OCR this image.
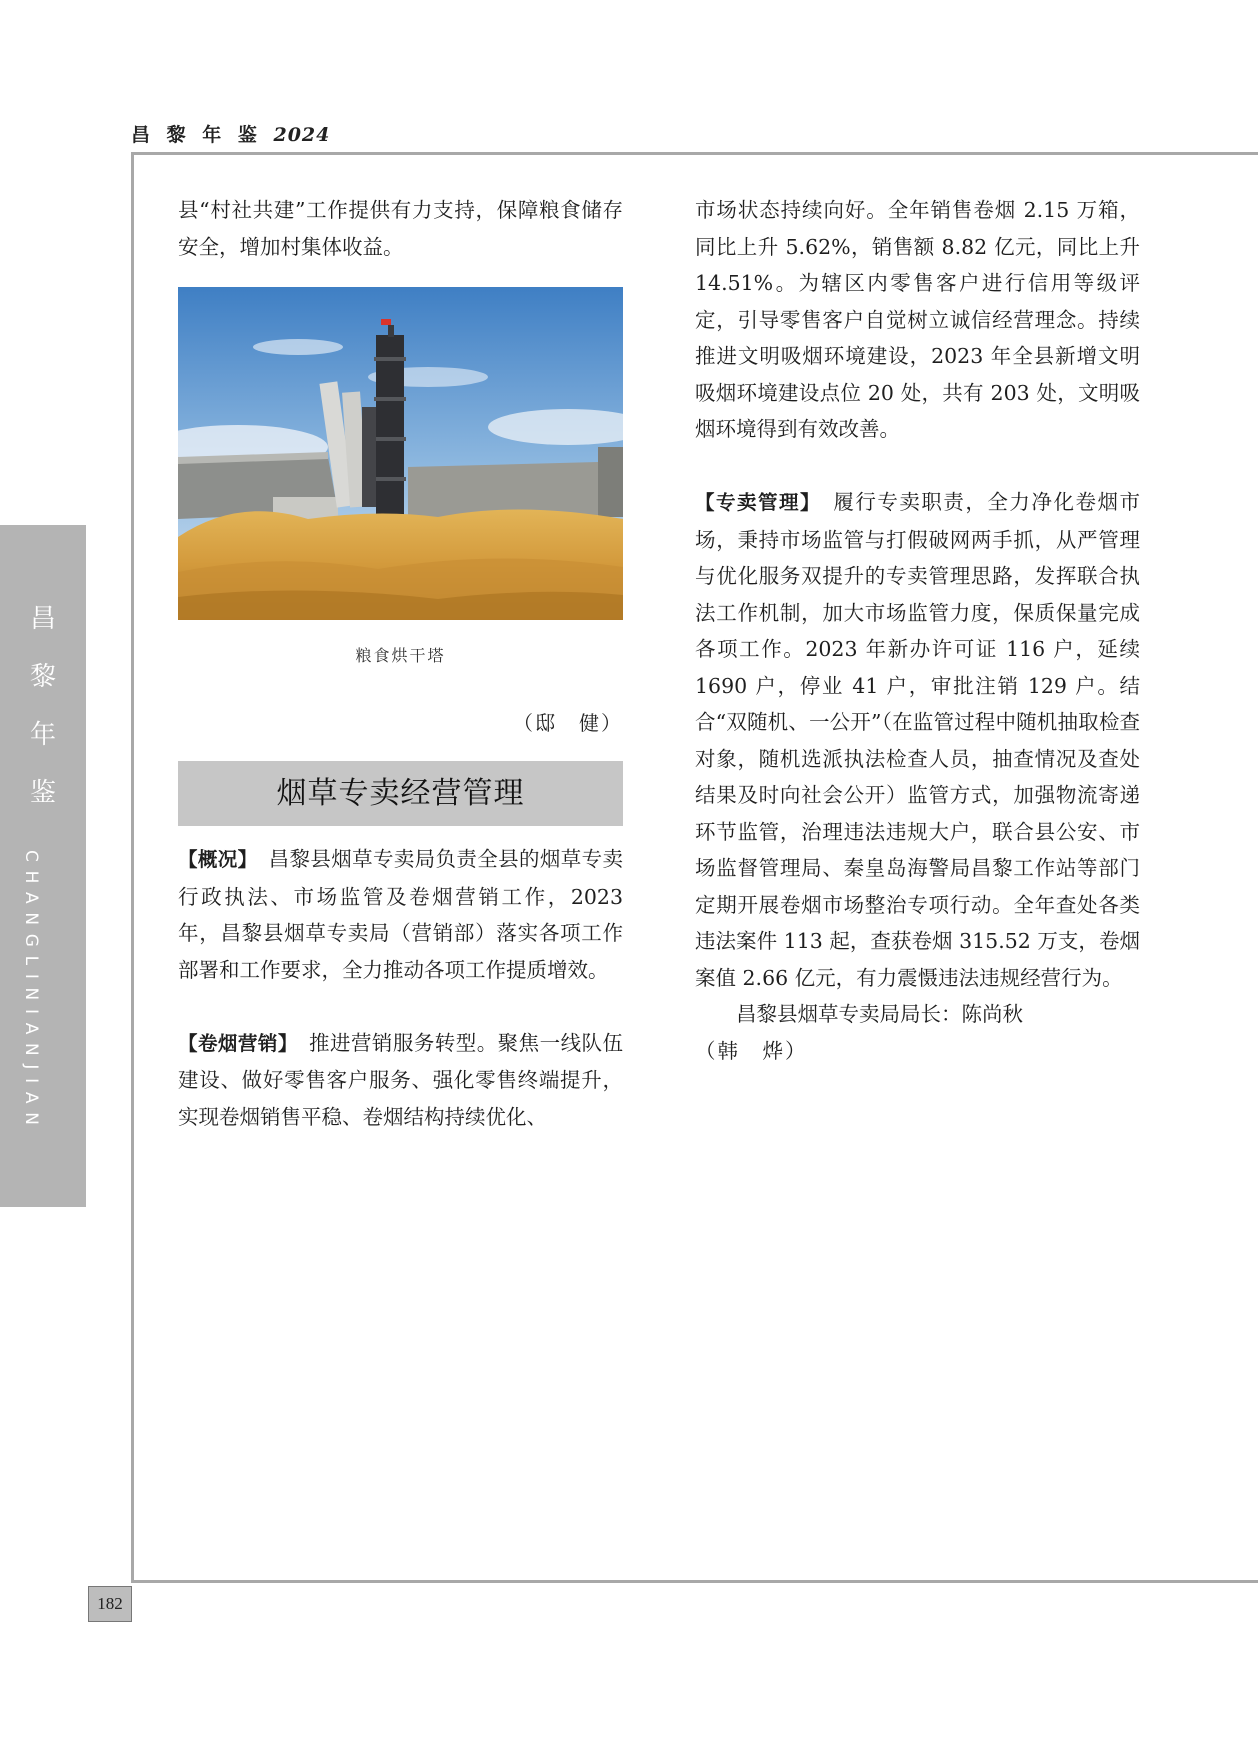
昌 黎 年 鉴 2024
182
昌
黎
年
鉴
CHANGLINIANJIAN

县“村社共建”工作提供有力支持，保障粮食储存安全，增加村集体收益。

粮食烘干塔
（邸　健）
烟草专卖经营管理

【概况】　 昌黎县烟草专卖局负责全县的烟草专卖行政执法、市场监管及卷烟营销工作，2023 年，昌黎县烟草专卖局（营销部）落实各项工作部署和工作要求，全力推动各项工作提质增效。

【卷烟营销】　 推进营销服务转型。聚焦一线队伍建设、做好零售客户服务、强化零售终端提升，实现卷烟销售平稳、卷烟结构持续优化、

市场状态持续向好。全年销售卷烟 2.15 万箱，同比上升 5.62%，销售额 8.82 亿元，同比上升 14.51%。为辖区内零售客户进行信用等级评定，引导零售客户自觉树立诚信经营理念。持续推进文明吸烟环境建设，2023 年全县新增文明吸烟环境建设点位 20 处，共有 203 处，文明吸烟环境得到有效改善。

【专卖管理】　 履行专卖职责，全力净化卷烟市场，秉持市场监管与打假破网两手抓，从严管理与优化服务双提升的专卖管理思路，发挥联合执法工作机制，加大市场监管力度，保质保量完成各项工作。2023 年新办许可证 116 户，延续 1690 户，停业 41 户，审批注销 129 户。结合“双随机、一公开”（在监管过程中随机抽取检查对象，随机选派执法检查人员，抽查情况及查处结果及时向社会公开）监管方式，加强物流寄递环节监管，治理违法违规大户，联合县公安、市场监督管理局、秦皇岛海警局昌黎工作站等部门定期开展卷烟市场整治专项行动。全年查处各类违法案件 113 起，查获卷烟 315.52 万支，卷烟案值 2.66 亿元，有力震慑违法违规经营行为。

昌黎县烟草专卖局局长：陈尚秋

（韩　烨）
